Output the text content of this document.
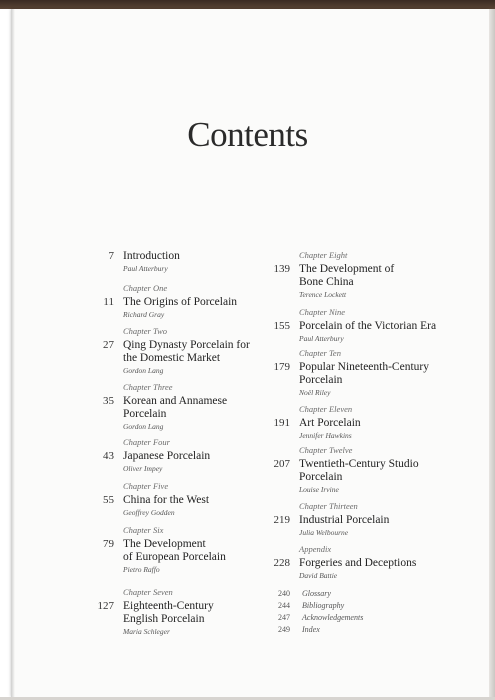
Contents
7 Introduction
Paul Atterbury
Chapter One
11 The Origins of Porcelain
Richard Gray
Chapter Two
27 Qing Dynasty Porcelain for
the Domestic Market
Gordon Lang
Chapter Three
35 Korean and Annamese
Porcelain
Gordon Lang
Chapter Four
43 Japanese Porcelain
Oliver Impey
Chapter Five
55 China for the West
Geoffrey Godden
Chapter Six
79 The Development
of European Porcelain
Pietro Raffo
Chapter Seven
127 Eighteenth-Century
English Porcelain
Maria Schleger
Chapter Eight
139 The Development of
Bone China
Terence Lockett
Chapter Nine
155 Porcelain of the Victorian Era
Paul Atterbury
Chapter Ten
179 Popular Nineteenth-Century
Porcelain
Noël Riley
Chapter Eleven
191 Art Porcelain
Jennifer Hawkins
Chapter Twelve
207 Twentieth-Century Studio
Porcelain
Louise Irvine
Chapter Thirteen
219 Industrial Porcelain
Julia Welbourne
Appendix
228 Forgeries and Deceptions
David Battie
240 Glossary
244 Bibliography
247 Acknowledgements
249 Index
